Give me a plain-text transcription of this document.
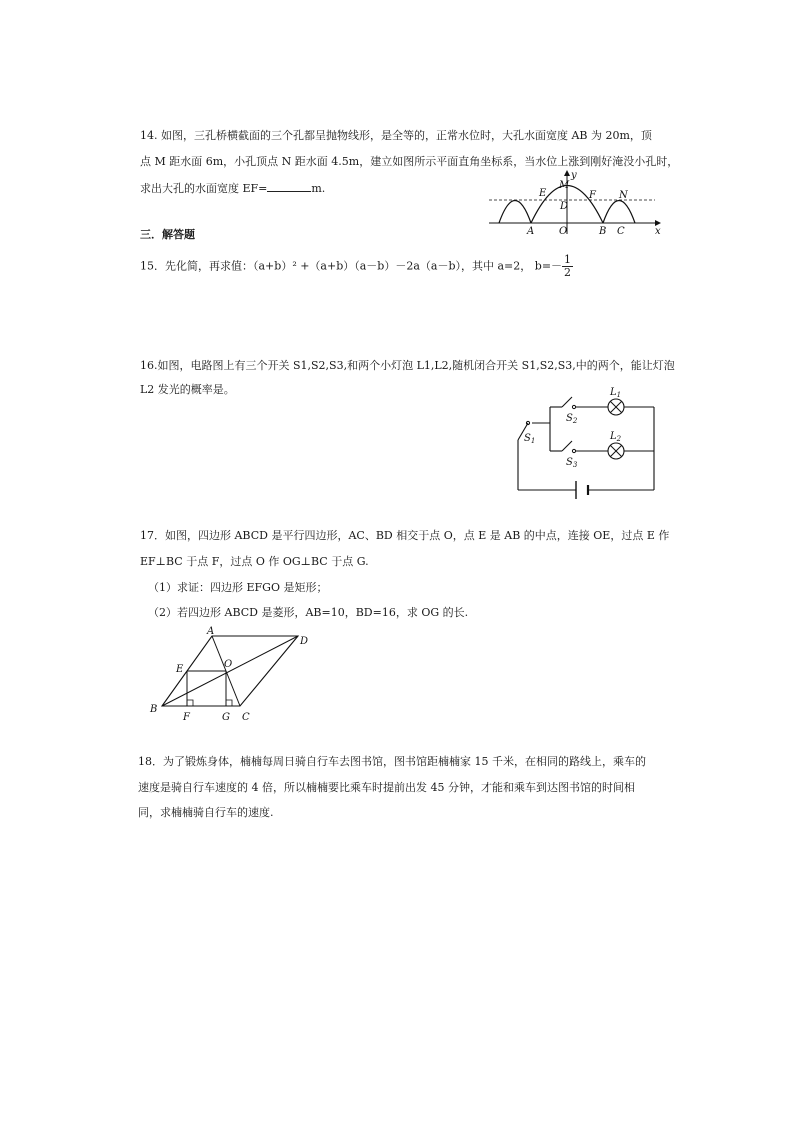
14. 如图，三孔桥横截面的三个孔都呈抛物线形，是全等的，正常水位时，大孔水面宽度 AB 为 20m，顶
点 M 距水面 6m，小孔顶点 N 距水面 4.5m，建立如图所示平面直角坐标系，当水位上涨到刚好淹没小孔时，
求出大孔的水面宽度 EF=	m.
y
M
E
D
F N
A O	B C	x
三．解答题
15．先化简，再求值：（a+b）² +（a+b）（a－b）－2a（a－b），其中 a=2， $b=- \frac{1}{2}$
16.如图，电路图上有三个开关 S1,S2,S3,和两个小灯泡 L1,L2,随机闭合开关 S1,S2,S3,中的两个，能让灯泡
L2 发光的概率是。	$L_1$
$L_2$
$S_1$
$S_2$
$S_3$
17．如图，四边形 ABCD 是平行四边形，AC、BD 相交于点 O，点 E 是 AB 的中点，连接 OE，过点 E 作
EF⊥BC 于点 F，过点 O 作 OG⊥BC 于点 G.
（1）求证：四边形 EFGO 是矩形；
（2）若四边形 ABCD 是菱形，AB=10，BD=16，求 OG 的长.
A
D
E	O
B
F	G C
18．为了锻炼身体，楠楠每周日骑自行车去图书馆，图书馆距楠楠家 15 千米，在相同的路线上，乘车的
速度是骑自行车速度的 4 倍，所以楠楠要比乘车时提前出发 45 分钟，才能和乘车到达图书馆的时间相
同，求楠楠骑自行车的速度.
